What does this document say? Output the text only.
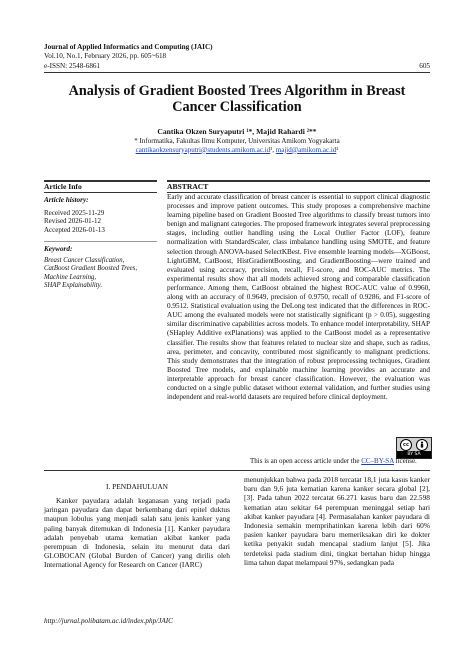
Journal of Applied Informatics and Computing (JAIC)
Vol.10, No.1, February 2026, pp. 605~618
e-ISSN: 2548-6861	605
Analysis of Gradient Boosted Trees Algorithm in Breast
Cancer Classification
Cantika Okzen Suryaputri ¹*, Majid Rahardi ²**
* Informatika, Fakultas Ilmu Komputer, Universitas Amikom Yogyakarta
cantikaokzensuryaputri@students.amikom.ac.id¹, majid@amikom.ac.id²
Article Info
Article history:
Received 2025-11-29
Revised 2026-01-12
Accepted 2026-01-13
Keyword:
Breast Cancer Classification,
CatBoost Gradient Boosted Trees,
Machine Learning,
SHAP Explainability.
ABSTRACT
Early and accurate classification of breast cancer is essential to support clinical diagnostic processes and improve patient outcomes. This study proposes a comprehensive machine learning pipeline based on Gradient Boosted Tree algorithms to classify breast tumors into benign and malignant categories. The proposed framework integrates several preprocessing stages, including outlier handling using the Local Outlier Factor (LOF), feature normalization with StandardScaler, class imbalance handling using SMOTE, and feature selection through ANOVA-based SelectKBest. Five ensemble learning models—XGBoost, LightGBM, CatBoost, HistGradientBoosting, and GradientBoosting—were trained and evaluated using accuracy, precision, recall, F1-score, and ROC-AUC metrics. The experimental results show that all models achieved strong and comparable classification performance. Among them, CatBoost obtained the highest ROC-AUC value of 0.9960, along with an accuracy of 0.9649, precision of 0.9750, recall of 0.9286, and F1-score of 0.9512. Statistical evaluation using the DeLong test indicated that the differences in ROC-AUC among the evaluated models were not statistically significant (p > 0.05), suggesting similar discriminative capabilities across models. To enhance model interpretability, SHAP (SHapley Additive exPlanations) was applied to the CatBoost model as a representative classifier. The results show that features related to nuclear size and shape, such as radius, area, perimeter, and concavity, contributed most significantly to malignant predictions. This study demonstrates that the integration of robust preprocessing techniques, Gradient Boosted Tree models, and explainable machine learning provides an accurate and interpretable approach for breast cancer classification. However, the evaluation was conducted on a single public dataset without external validation, and further studies using independent and real-world datasets are required before clinical deployment.
cc
BY SA
This is an open access article under the CC–BY-SA license.
I. PENDAHULUAN

Kanker payudara adalah keganasan yang terjadi pada jaringan payudara dan dapat berkembang dari epitel duktus maupun lobulus yang menjadi salah satu jenis kanker yang paling banyak ditemukan di Indonesia [1]. Kanker payudara adalah penyebab utama kematian akibat kanker pada perempuan di Indonesia, selain itu menurut data dari GLOBOCAN (Global Burden of Cancer) yang dirilis oleh International Agency for Research on Cancer (IARC)

menunjukkan bahwa pada 2018 tercatat 18,1 juta kasus kanker baru dan 9,6 juta kematian karena kanker secara global [2], [3]. Pada tahun 2022 tercatat 66.271 kasus baru dan 22.598 kematian atau sekitar 64 perempuan meninggal setiap hari akibat kanker payudara [4]. Permasalahan kanker payudara di Indonesia semakin memprihatinkan karena lebih dari 60% pasien kanker payudara baru memeriksakan diri ke dokter ketika penyakit sudah mencapai stadium lanjut [5]. Jika terdeteksi pada stadium dini, tingkat bertahan hidup hingga lima tahun dapat melampaui 97%, sedangkan pada

http://jurnal.polibatam.ac.id/index.php/JAIC
